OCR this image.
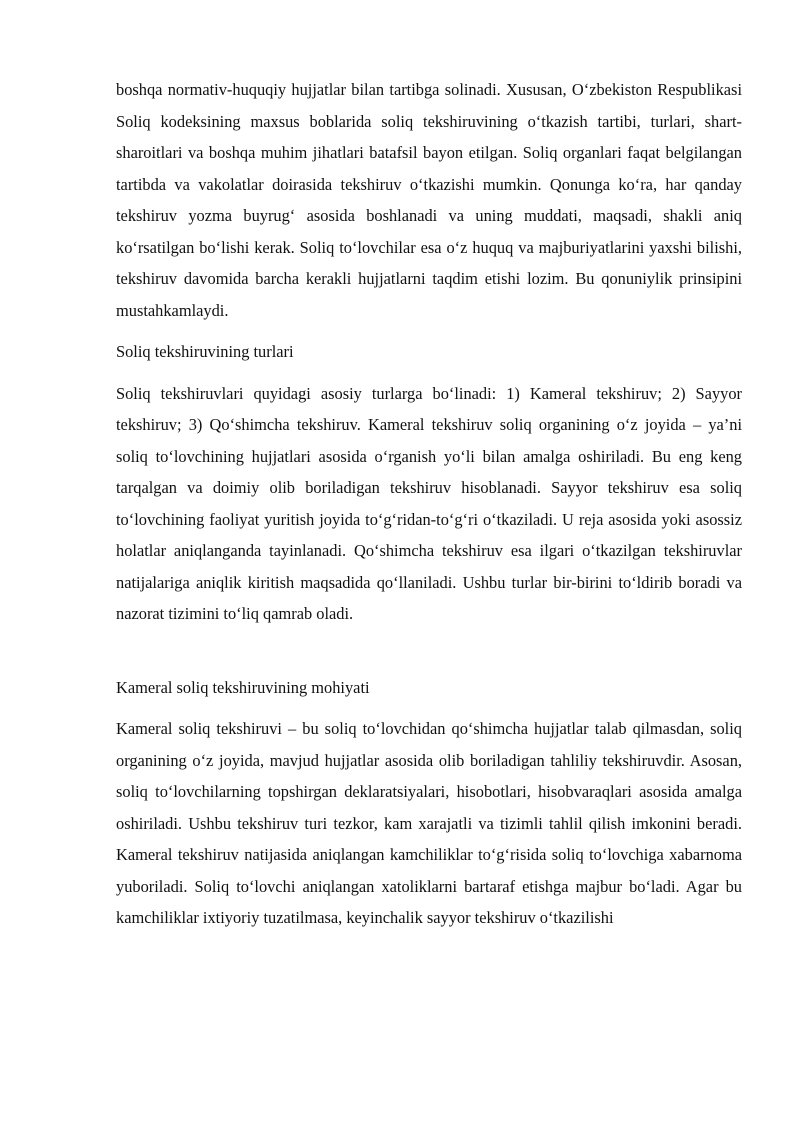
boshqa normativ-huquqiy hujjatlar bilan tartibga solinadi. Xususan, O‘zbekiston Respublikasi Soliq kodeksining maxsus boblarida soliq tekshiruvining o‘tkazish tartibi, turlari, shart-sharoitlari va boshqa muhim jihatlari batafsil bayon etilgan. Soliq organlari faqat belgilangan tartibda va vakolatlar doirasida tekshiruv o‘tkazishi mumkin. Qonunga ko‘ra, har qanday tekshiruv yozma buyrug‘ asosida boshlanadi va uning muddati, maqsadi, shakli aniq ko‘rsatilgan bo‘lishi kerak. Soliq to‘lovchilar esa o‘z huquq va majburiyatlarini yaxshi bilishi, tekshiruv davomida barcha kerakli hujjatlarni taqdim etishi lozim. Bu qonuniylik prinsipini mustahkamlaydi.

Soliq tekshiruvining turlari

Soliq tekshiruvlari quyidagi asosiy turlarga bo‘linadi: 1) Kameral tekshiruv; 2) Sayyor tekshiruv; 3) Qo‘shimcha tekshiruv. Kameral tekshiruv soliq organining o‘z joyida – ya’ni soliq to‘lovchining hujjatlari asosida o‘rganish yo‘li bilan amalga oshiriladi. Bu eng keng tarqalgan va doimiy olib boriladigan tekshiruv hisoblanadi. Sayyor tekshiruv esa soliq to‘lovchining faoliyat yuritish joyida to‘g‘ridan-to‘g‘ri o‘tkaziladi. U reja asosida yoki asossiz holatlar aniqlanganda tayinlanadi. Qo‘shimcha tekshiruv esa ilgari o‘tkazilgan tekshiruvlar natijalariga aniqlik kiritish maqsadida qo‘llaniladi. Ushbu turlar bir-birini to‘ldirib boradi va nazorat tizimini to‘liq qamrab oladi.

Kameral soliq tekshiruvining mohiyati

Kameral soliq tekshiruvi – bu soliq to‘lovchidan qo‘shimcha hujjatlar talab qilmasdan, soliq organining o‘z joyida, mavjud hujjatlar asosida olib boriladigan tahliliy tekshiruvdir. Asosan, soliq to‘lovchilarning topshirgan deklaratsiyalari, hisobotlari, hisobvaraqlari asosida amalga oshiriladi. Ushbu tekshiruv turi tezkor, kam xarajatli va tizimli tahlil qilish imkonini beradi. Kameral tekshiruv natijasida aniqlangan kamchiliklar to‘g‘risida soliq to‘lovchiga xabarnoma yuboriladi. Soliq to‘lovchi aniqlangan xatoliklarni bartaraf etishga majbur bo‘ladi. Agar bu kamchiliklar ixtiyoriy tuzatilmasa, keyinchalik sayyor tekshiruv o‘tkazilishi
